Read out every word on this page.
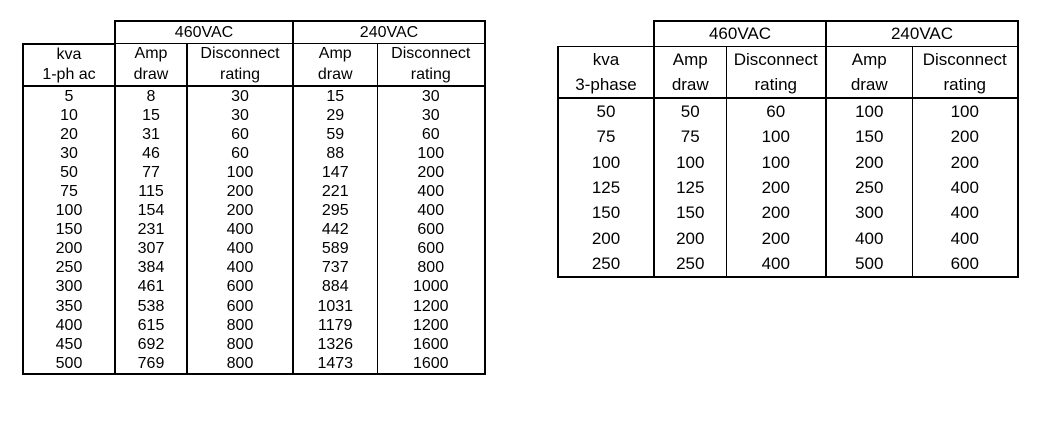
	460VAC		240VAC	
kva	Amp	Disconnect	Amp	Disconnect
1-ph ac	draw	rating	draw	rating
5	8	30	15	30
10	15	30	29	30
20	31	60	59	60
30	46	60	88	100
50	77	100	147	200
75	115	200	221	400
100	154	200	295	400
150	231	400	442	600
200	307	400	589	600
250	384	400	737	800
300	461	600	884	1000
350	538	600	1031	1200
400	615	800	1179	1200
450	692	800	1326	1600
500	769	800	1473	1600
	460VAC		240VAC	
kva	Amp	Disconnect	Amp	Disconnect
3-phase	draw	rating	draw	rating
50	50	60	100	100
75	75	100	150	200
100	100	100	200	200
125	125	200	250	400
150	150	200	300	400
200	200	200	400	400
250	250	400	500	600
